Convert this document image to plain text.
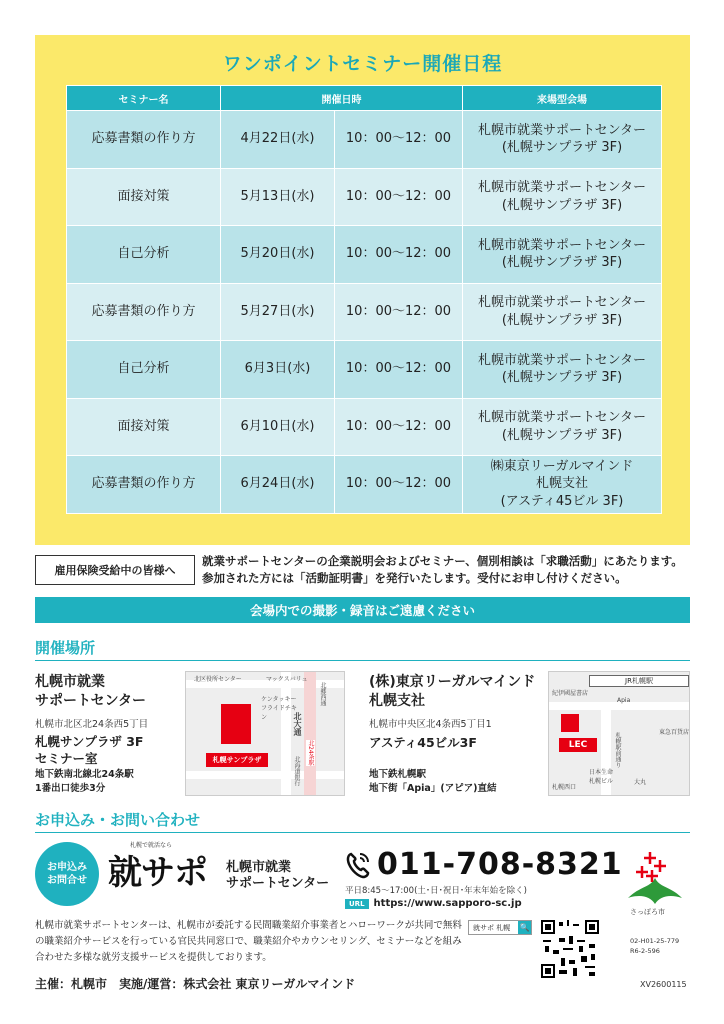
ワンポイントセミナー開催日程
セミナー名	開催日時		来場型会場
応募書類の作り方	4月22日(水)	10：00〜12：00	札幌市就業サポートセンター
(札幌サンプラザ 3F)
面接対策	5月13日(水)	10：00〜12：00	札幌市就業サポートセンター
(札幌サンプラザ 3F)
自己分析	5月20日(水)	10：00〜12：00	札幌市就業サポートセンター
(札幌サンプラザ 3F)
応募書類の作り方	5月27日(水)	10：00〜12：00	札幌市就業サポートセンター
(札幌サンプラザ 3F)
自己分析	6月3日(水)	10：00〜12：00	札幌市就業サポートセンター
(札幌サンプラザ 3F)
面接対策	6月10日(水)	10：00〜12：00	札幌市就業サポートセンター
(札幌サンプラザ 3F)
応募書類の作り方	6月24日(水)	10：00〜12：00	㈱東京リーガルマインド
札幌支社
(アスティ45ビル 3F)
雇用保険受給中の皆様へ
就業サポートセンターの企業説明会およびセミナー、個別相談は「求職活動」にあたります。
参加された方には「活動証明書」を発行いたします。受付にお申し付けください。
会場内での撮影・録音はご遠慮ください
開催場所
札幌市就業
サポートセンター
札幌市北区北24条西5丁目
札幌サンプラザ 3F
セミナー室
地下鉄南北線北24条駅
1番出口徒歩3分
札幌サンプラザ
北区役所センター	マックスバリュ
ケンタッキー フライドチキン	北大通
北24条駅
北郷西通
北海道銀行
(株)東京リーガルマインド
札幌支社
札幌市中央区北4条西5丁目1
アスティ45ビル3F
地下鉄札幌駅
地下街「Apia」(アピア)直結
JR札幌駅
LEC
紀伊國屋書店
Apia
東急百貨店
札幌駅前通り
大丸
日本生命札幌ビル
札幌西口
お申込み・お問い合わせ
お申込み
お問合せ
札幌で就活なら
就サポ 札幌市就業
サポートセンター
011-708-8321
平日8:45〜17:00(土･日･祝日･年末年始を除く)
URL https://www.sapporo-sc.jp
札幌市就業サポートセンターは、札幌市が委託する民間職業紹介事業者とハローワークが共同で無料の職業紹介サービスを行っている官民共同窓口で、職業紹介やカウンセリング、セミナーなどを組み合わせた多様な就労支援サービスを提供しております。
就サポ 札幌 🔍
さっぽろ市
02-H01-25-779
R6-2-596
主催：札幌市　実施/運営：株式会社 東京リーガルマインド	XV2600115
